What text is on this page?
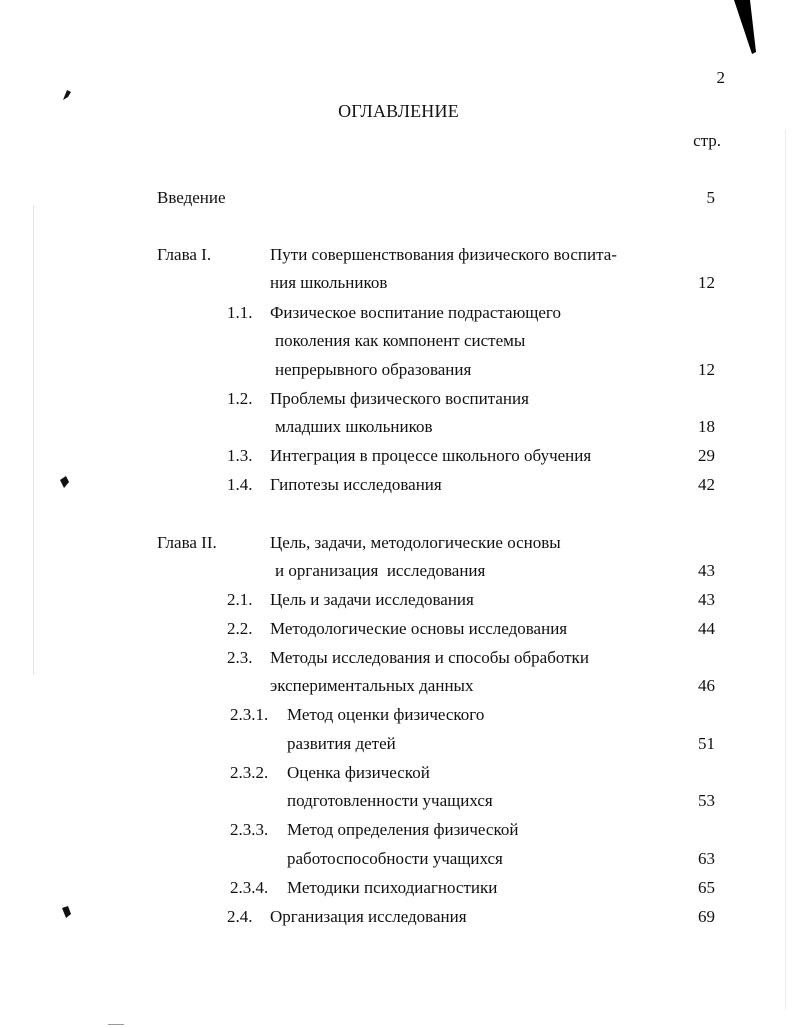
2
ОГЛАВЛЕНИЕ
стр.
Введение	5
Глава I.	Пути совершенствования физического воспита-
ния школьников	12
1.1. Физическое воспитание подрастающего
поколения как компонент системы
непрерывного образования	12
1.2. Проблемы физического воспитания
младших школьников	18
1.3. Интеграция в процессе школьного обучения	29
1.4. Гипотезы исследования	42
Глава II.	Цель, задачи, методологические основы
и организация  исследования	43
2.1. Цель и задачи исследования	43
2.2. Методологические основы исследования	44
2.3. Методы исследования и способы обработки
экспериментальных данных	46
2.3.1. Метод оценки физического
развития детей	51
2.3.2. Оценка физической
подготовленности учащихся	53
2.3.3. Метод определения физической
работоспособности учащихся	63
2.3.4. Методики психодиагностики	65
2.4. Организация исследования	69
